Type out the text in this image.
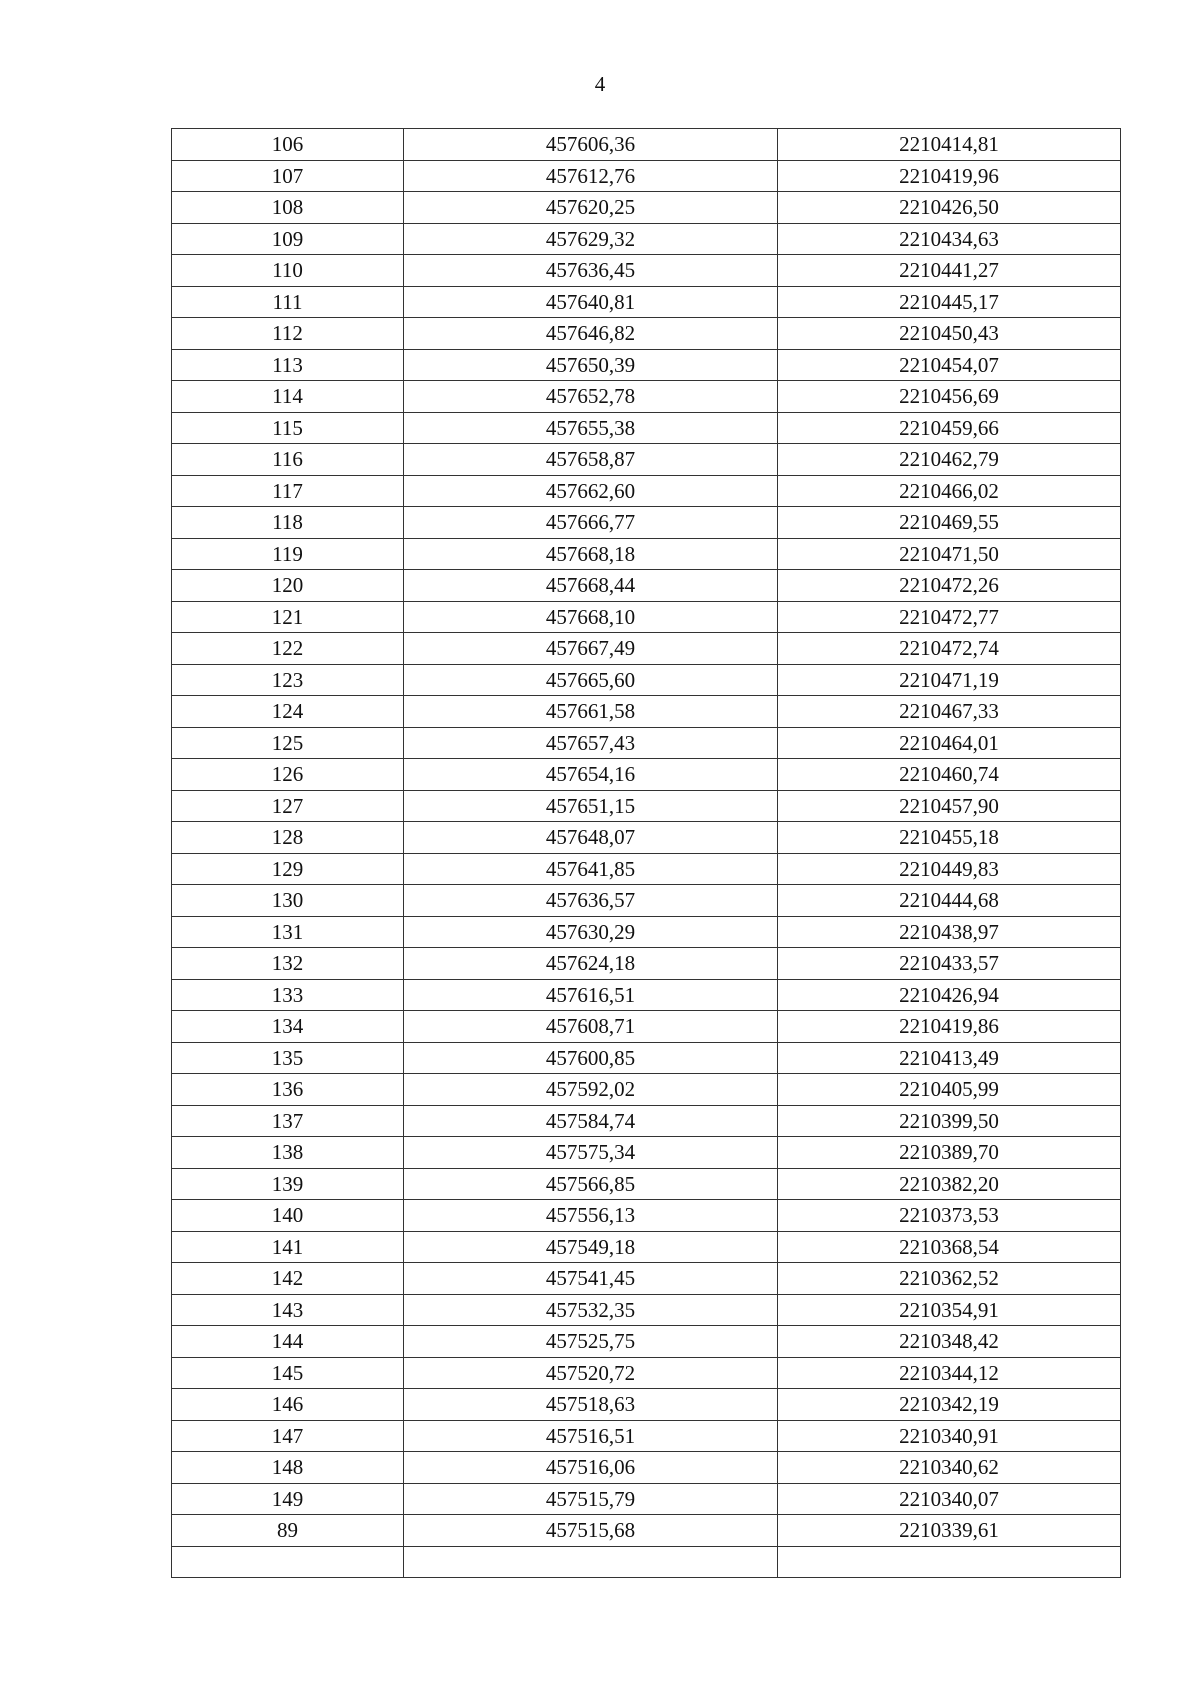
4
106	457606,36	2210414,81
107	457612,76	2210419,96
108	457620,25	2210426,50
109	457629,32	2210434,63
110	457636,45	2210441,27
111	457640,81	2210445,17
112	457646,82	2210450,43
113	457650,39	2210454,07
114	457652,78	2210456,69
115	457655,38	2210459,66
116	457658,87	2210462,79
117	457662,60	2210466,02
118	457666,77	2210469,55
119	457668,18	2210471,50
120	457668,44	2210472,26
121	457668,10	2210472,77
122	457667,49	2210472,74
123	457665,60	2210471,19
124	457661,58	2210467,33
125	457657,43	2210464,01
126	457654,16	2210460,74
127	457651,15	2210457,90
128	457648,07	2210455,18
129	457641,85	2210449,83
130	457636,57	2210444,68
131	457630,29	2210438,97
132	457624,18	2210433,57
133	457616,51	2210426,94
134	457608,71	2210419,86
135	457600,85	2210413,49
136	457592,02	2210405,99
137	457584,74	2210399,50
138	457575,34	2210389,70
139	457566,85	2210382,20
140	457556,13	2210373,53
141	457549,18	2210368,54
142	457541,45	2210362,52
143	457532,35	2210354,91
144	457525,75	2210348,42
145	457520,72	2210344,12
146	457518,63	2210342,19
147	457516,51	2210340,91
148	457516,06	2210340,62
149	457515,79	2210340,07
89	457515,68	2210339,61
